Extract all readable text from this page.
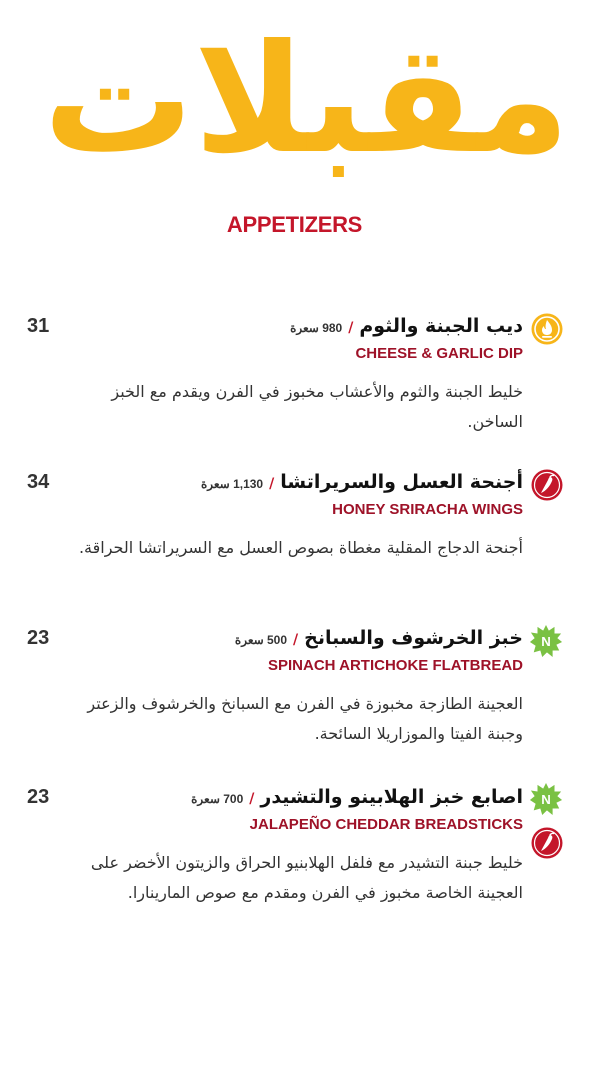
مقبلات
APPETIZERS
31	ديب الجبنة والثوم/980 سعرة
CHEESE & GARLIC DIP
خليط الجبنة والثوم والأعشاب مخبوز في الفرن ويقدم مع الخبز الساخن.
34	أجنحة العسل والسريراتشا/1,130 سعرة
HONEY SRIRACHA WINGS
أجنحة الدجاج المقلية مغطاة بصوص العسل مع السريراتشا الحراقة.
23	خبز الخرشوف والسبانخ/500 سعرة
SPINACH ARTICHOKE FLATBREAD
العجينة الطازجة مخبوزة في الفرن مع السبانخ والخرشوف والزعتر وجبنة الفيتا والموزاريلا السائحة.
N
23	اصابع خبز الهلابينو والتشيدر/700 سعرة
JALAPEÑO CHEDDAR BREADSTICKS
خليط جبنة التشيدر مع فلفل الهلابنيو الحراق والزيتون الأخضر على العجينة الخاصة مخبوز في الفرن ومقدم مع صوص المارينارا.
N
